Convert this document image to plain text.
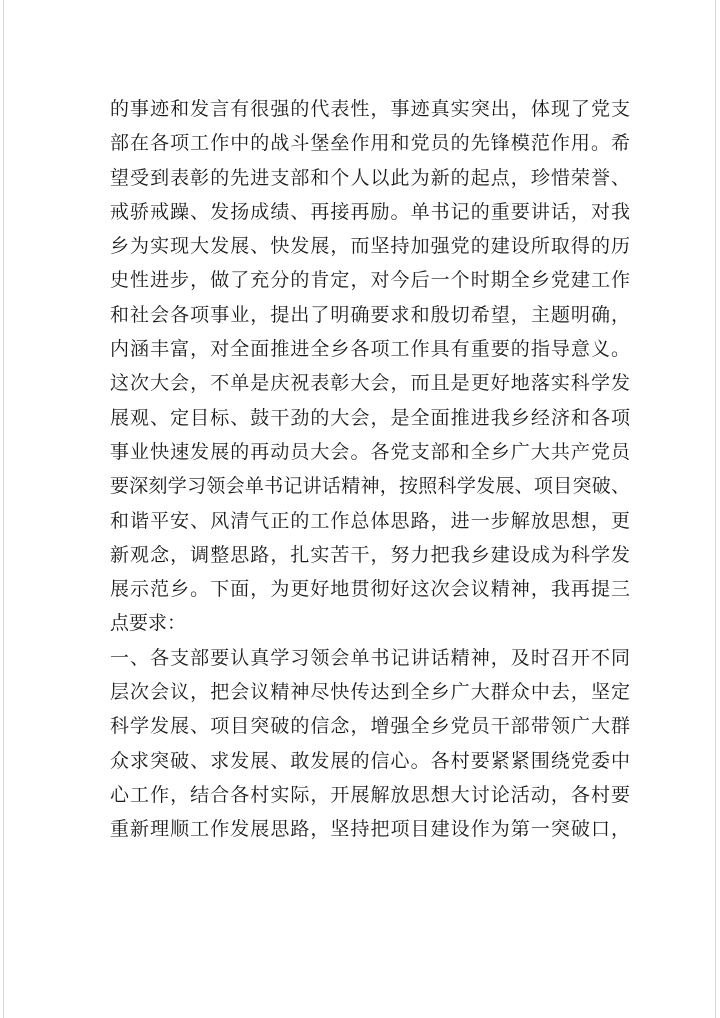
的事迹和发言有很强的代表性，事迹真实突出，体现了党支
部在各项工作中的战斗堡垒作用和党员的先锋模范作用。希
望受到表彰的先进支部和个人以此为新的起点，珍惜荣誉、
戒骄戒躁、发扬成绩、再接再励。单书记的重要讲话，对我
乡为实现大发展、快发展，而坚持加强党的建设所取得的历
史性进步，做了充分的肯定，对今后一个时期全乡党建工作
和社会各项事业，提出了明确要求和殷切希望，主题明确，
内涵丰富，对全面推进全乡各项工作具有重要的指导意义。
这次大会，不单是庆祝表彰大会，而且是更好地落实科学发
展观、定目标、鼓干劲的大会，是全面推进我乡经济和各项
事业快速发展的再动员大会。各党支部和全乡广大共产党员
要深刻学习领会单书记讲话精神，按照科学发展、项目突破、
和谐平安、风清气正的工作总体思路，进一步解放思想，更
新观念，调整思路，扎实苦干，努力把我乡建设成为科学发
展示范乡。下面，为更好地贯彻好这次会议精神，我再提三
点要求：
一、各支部要认真学习领会单书记讲话精神，及时召开不同
层次会议，把会议精神尽快传达到全乡广大群众中去，坚定
科学发展、项目突破的信念，增强全乡党员干部带领广大群
众求突破、求发展、敢发展的信心。各村要紧紧围绕党委中
心工作，结合各村实际，开展解放思想大讨论活动，各村要
重新理顺工作发展思路，坚持把项目建设作为第一突破口，
